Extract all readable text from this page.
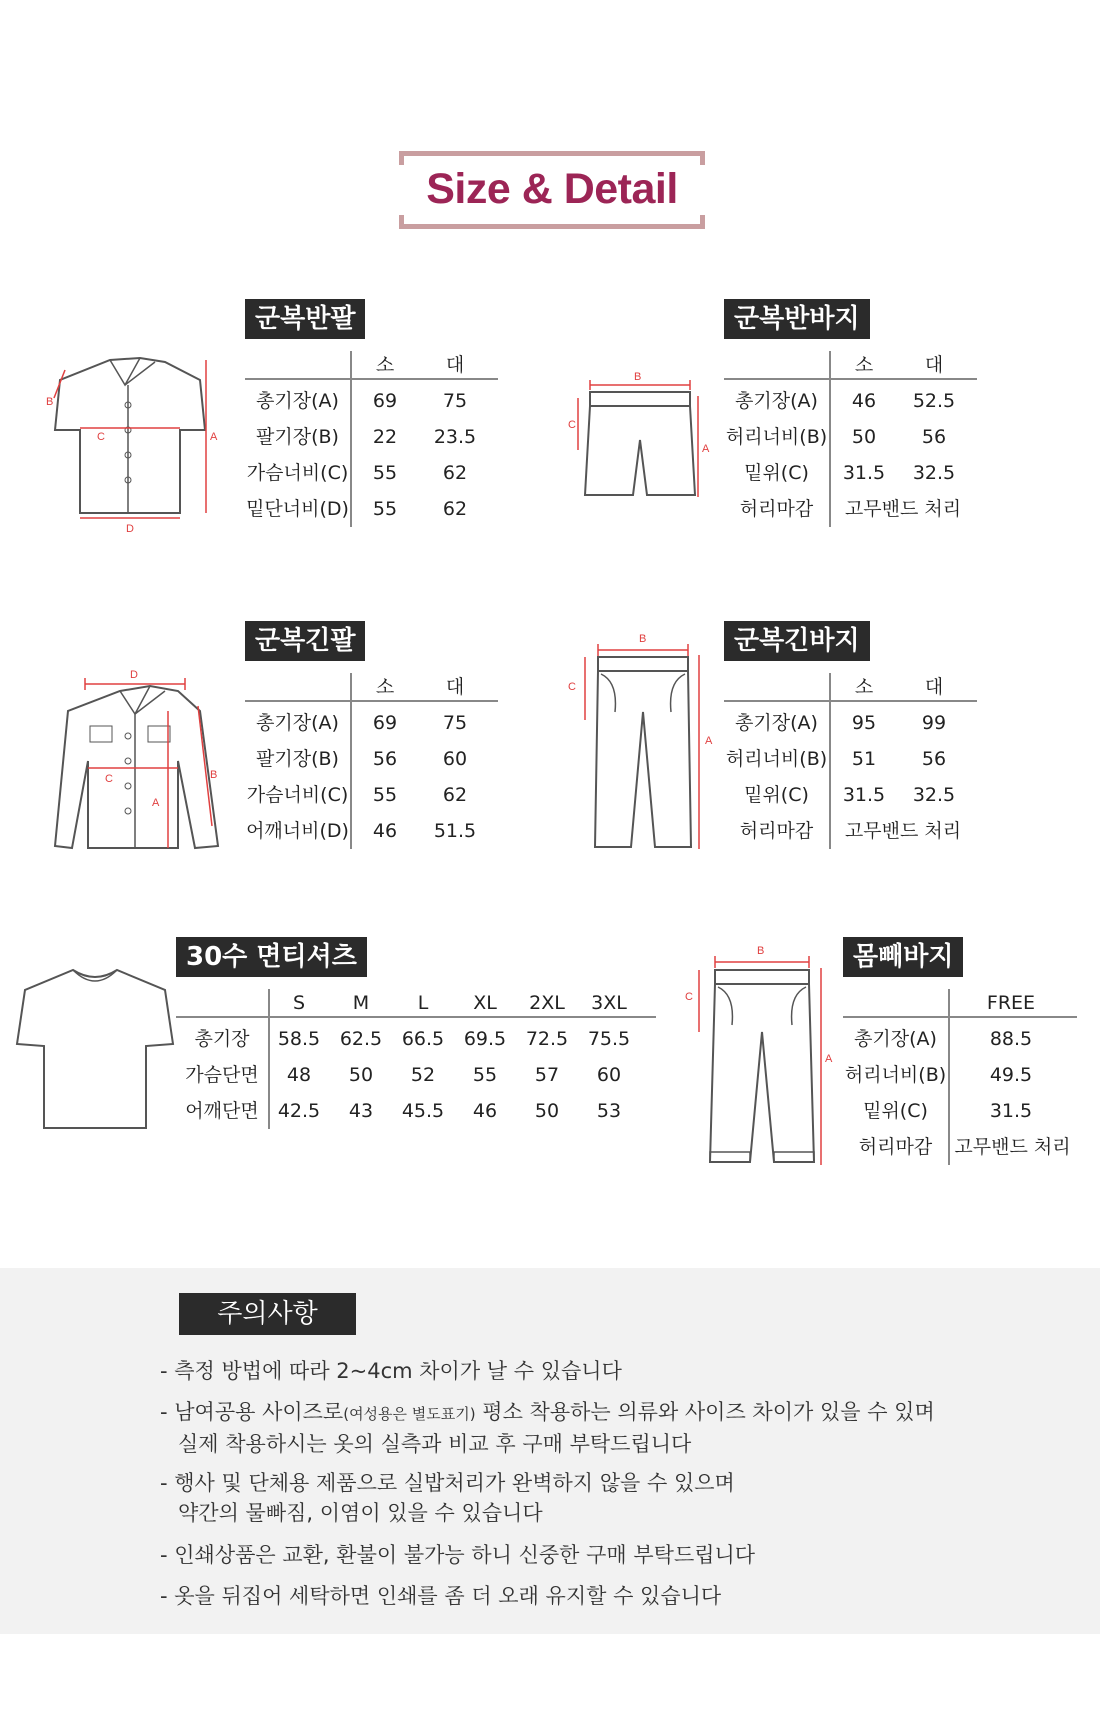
Size & Detail
B
C	A
D
군복반팔
소	대
총기장(A)	69	75
팔기장(B)	22	23.5
가슴너비(C)	55	62
밑단너비(D)	55	62
B
C
A
군복반바지
소	대
총기장(A)	46	52.5
허리너비(B)	50	56
밑위(C)	31.5	32.5
허리마감	고무밴드 처리
D
C
A
B
군복긴팔
소	대
총기장(A)	69	75
팔기장(B)	56	60
가슴너비(C)	55	62
어깨너비(D)	46	51.5
B
C
A
군복긴바지
소	대
총기장(A)	95	99
허리너비(B)	51	56
밑위(C)	31.5	32.5
허리마감	고무밴드 처리
30수 면티셔츠
S	M	L	XL	2XL	3XL
총기장	58.5	62.5	66.5	69.5	72.5	75.5
가슴단면	48	50	52	55	57	60
어깨단면	42.5	43	45.5	46	50	53
B
C
A
몸빼바지
FREE
총기장(A)	88.5
허리너비(B)	49.5
밑위(C)	31.5
허리마감	고무밴드 처리
주의사항
- 측정 방법에 따라 2~4cm 차이가 날 수 있습니다
- 남여공용 사이즈로(여성용은 별도표기) 평소 착용하는 의류와 사이즈 차이가 있을 수 있며
실제 착용하시는 옷의 실측과 비교 후 구매 부탁드립니다
- 행사 및 단체용 제품으로 실밥처리가 완벽하지 않을 수 있으며
약간의 물빠짐, 이염이 있을 수 있습니다
- 인쇄상품은 교환, 환불이 불가능 하니 신중한 구매 부탁드립니다
- 옷을 뒤집어 세탁하면 인쇄를 좀 더 오래 유지할 수 있습니다
